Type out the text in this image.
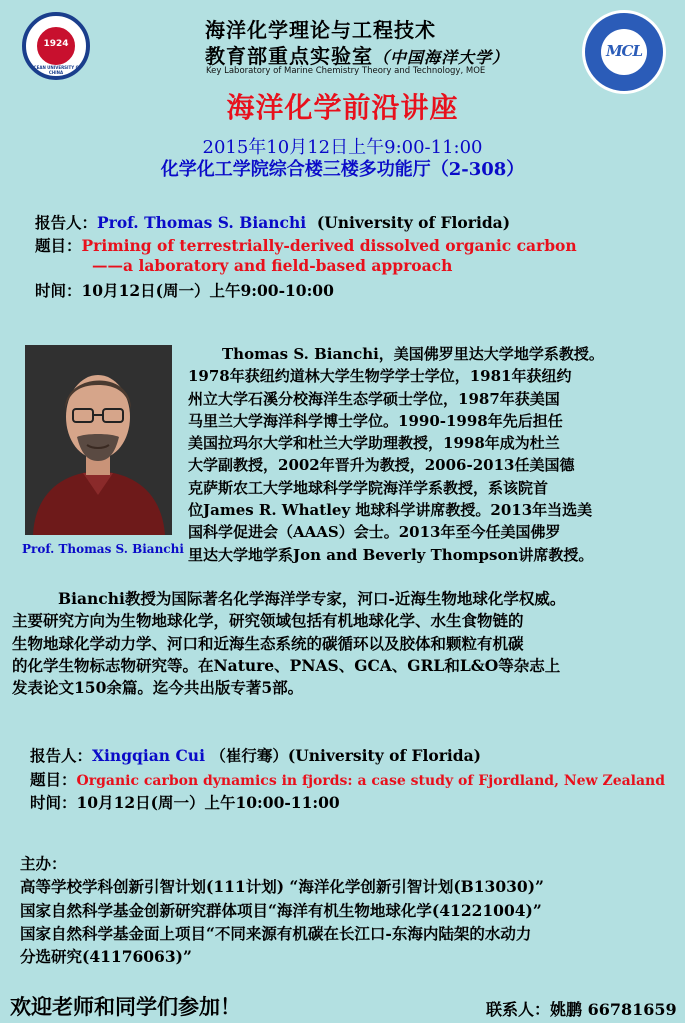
1924
OCEAN UNIVERSITY OF CHINA
MCL
海洋化学理论与工程技术
教育部重点实验室（中国海洋大学）
Key Laboratory of Marine Chemistry Theory and Technology, MOE
海洋化学前沿讲座
2015年10月12日上午9:00-11:00
化学化工学院综合楼三楼多功能厅（2-308）
报告人：Prof. Thomas S. Bianchi (University of Florida)
题目：Priming of terrestrially-derived dissolved organic carbon
——a laboratory and field-based approach
时间：10月12日(周一）上午9:00-10:00
Prof. Thomas S. Bianchi
Thomas S. Bianchi，美国佛罗里达大学地学系教授。
1978年获纽约道林大学生物学学士学位，1981年获纽约
州立大学石溪分校海洋生态学硕士学位，1987年获美国
马里兰大学海洋科学博士学位。1990-1998年先后担任
美国拉玛尔大学和杜兰大学助理教授，1998年成为杜兰
大学副教授，2002年晋升为教授，2006-2013任美国德
克萨斯农工大学地球科学学院海洋学系教授，系该院首
位James R. Whatley 地球科学讲席教授。2013年当选美
国科学促进会（AAAS）会士。2013年至今任美国佛罗
里达大学地学系Jon and Beverly Thompson讲席教授。
Bianchi教授为国际著名化学海洋学专家，河口-近海生物地球化学权威。
主要研究方向为生物地球化学，研究领域包括有机地球化学、水生食物链的
生物地球化学动力学、河口和近海生态系统的碳循环以及胶体和颗粒有机碳
的化学生物标志物研究等。在Nature、PNAS、GCA、GRL和L&O等杂志上
发表论文150余篇。迄今共出版专著5部。
报告人：Xingqian Cui （崔行骞）(University of Florida)
题目：Organic carbon dynamics in fjords: a case study of Fjordland, New Zealand
时间：10月12日(周一）上午10:00-11:00
主办：
高等学校学科创新引智计划(111计划) “海洋化学创新引智计划(B13030)”
国家自然科学基金创新研究群体项目“海洋有机生物地球化学(41221004)”
国家自然科学基金面上项目“不同来源有机碳在长江口-东海内陆架的水动力
分选研究(41176063)”
欢迎老师和同学们参加！	联系人：姚鹏 66781659
